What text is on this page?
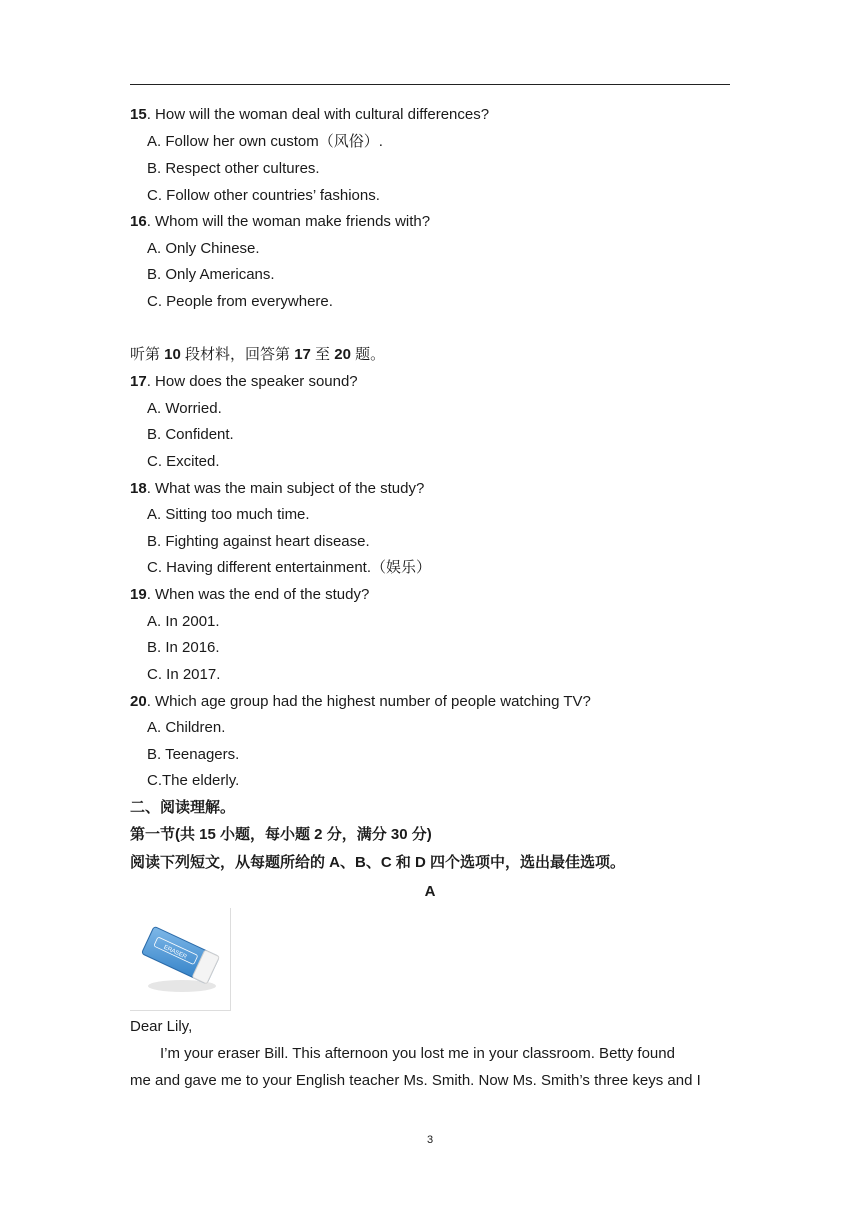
15. How will the woman deal with cultural differences?
A. Follow her own custom（风俗）.
B. Respect other cultures.
C. Follow other countries’ fashions.
16. Whom will the woman make friends with?
A. Only Chinese.
B. Only Americans.
C. People from everywhere.
听第 10 段材料，回答第 17 至 20 题。
17. How does the speaker sound?
A. Worried.
B. Confident.
C. Excited.
18. What was the main subject of the study?
A. Sitting too much time.
B. Fighting against heart disease.
C. Having different entertainment.（娱乐）
19. When was the end of the study?
A. In 2001.
B. In 2016.
C. In 2017.
20. Which age group had the highest number of people watching TV?
A. Children.
B. Teenagers.
C.The elderly.
二、阅读理解。
第一节(共 15 小题，每小题 2 分，满分 30 分)
阅读下列短文，从每题所给的 A、B、C 和 D 四个选项中，选出最佳选项。
A
ERASER
Dear Lily,
I’m your eraser Bill. This afternoon you lost me in your classroom. Betty found
me and gave me to your English teacher Ms. Smith. Now Ms. Smith’s three keys and I
3
